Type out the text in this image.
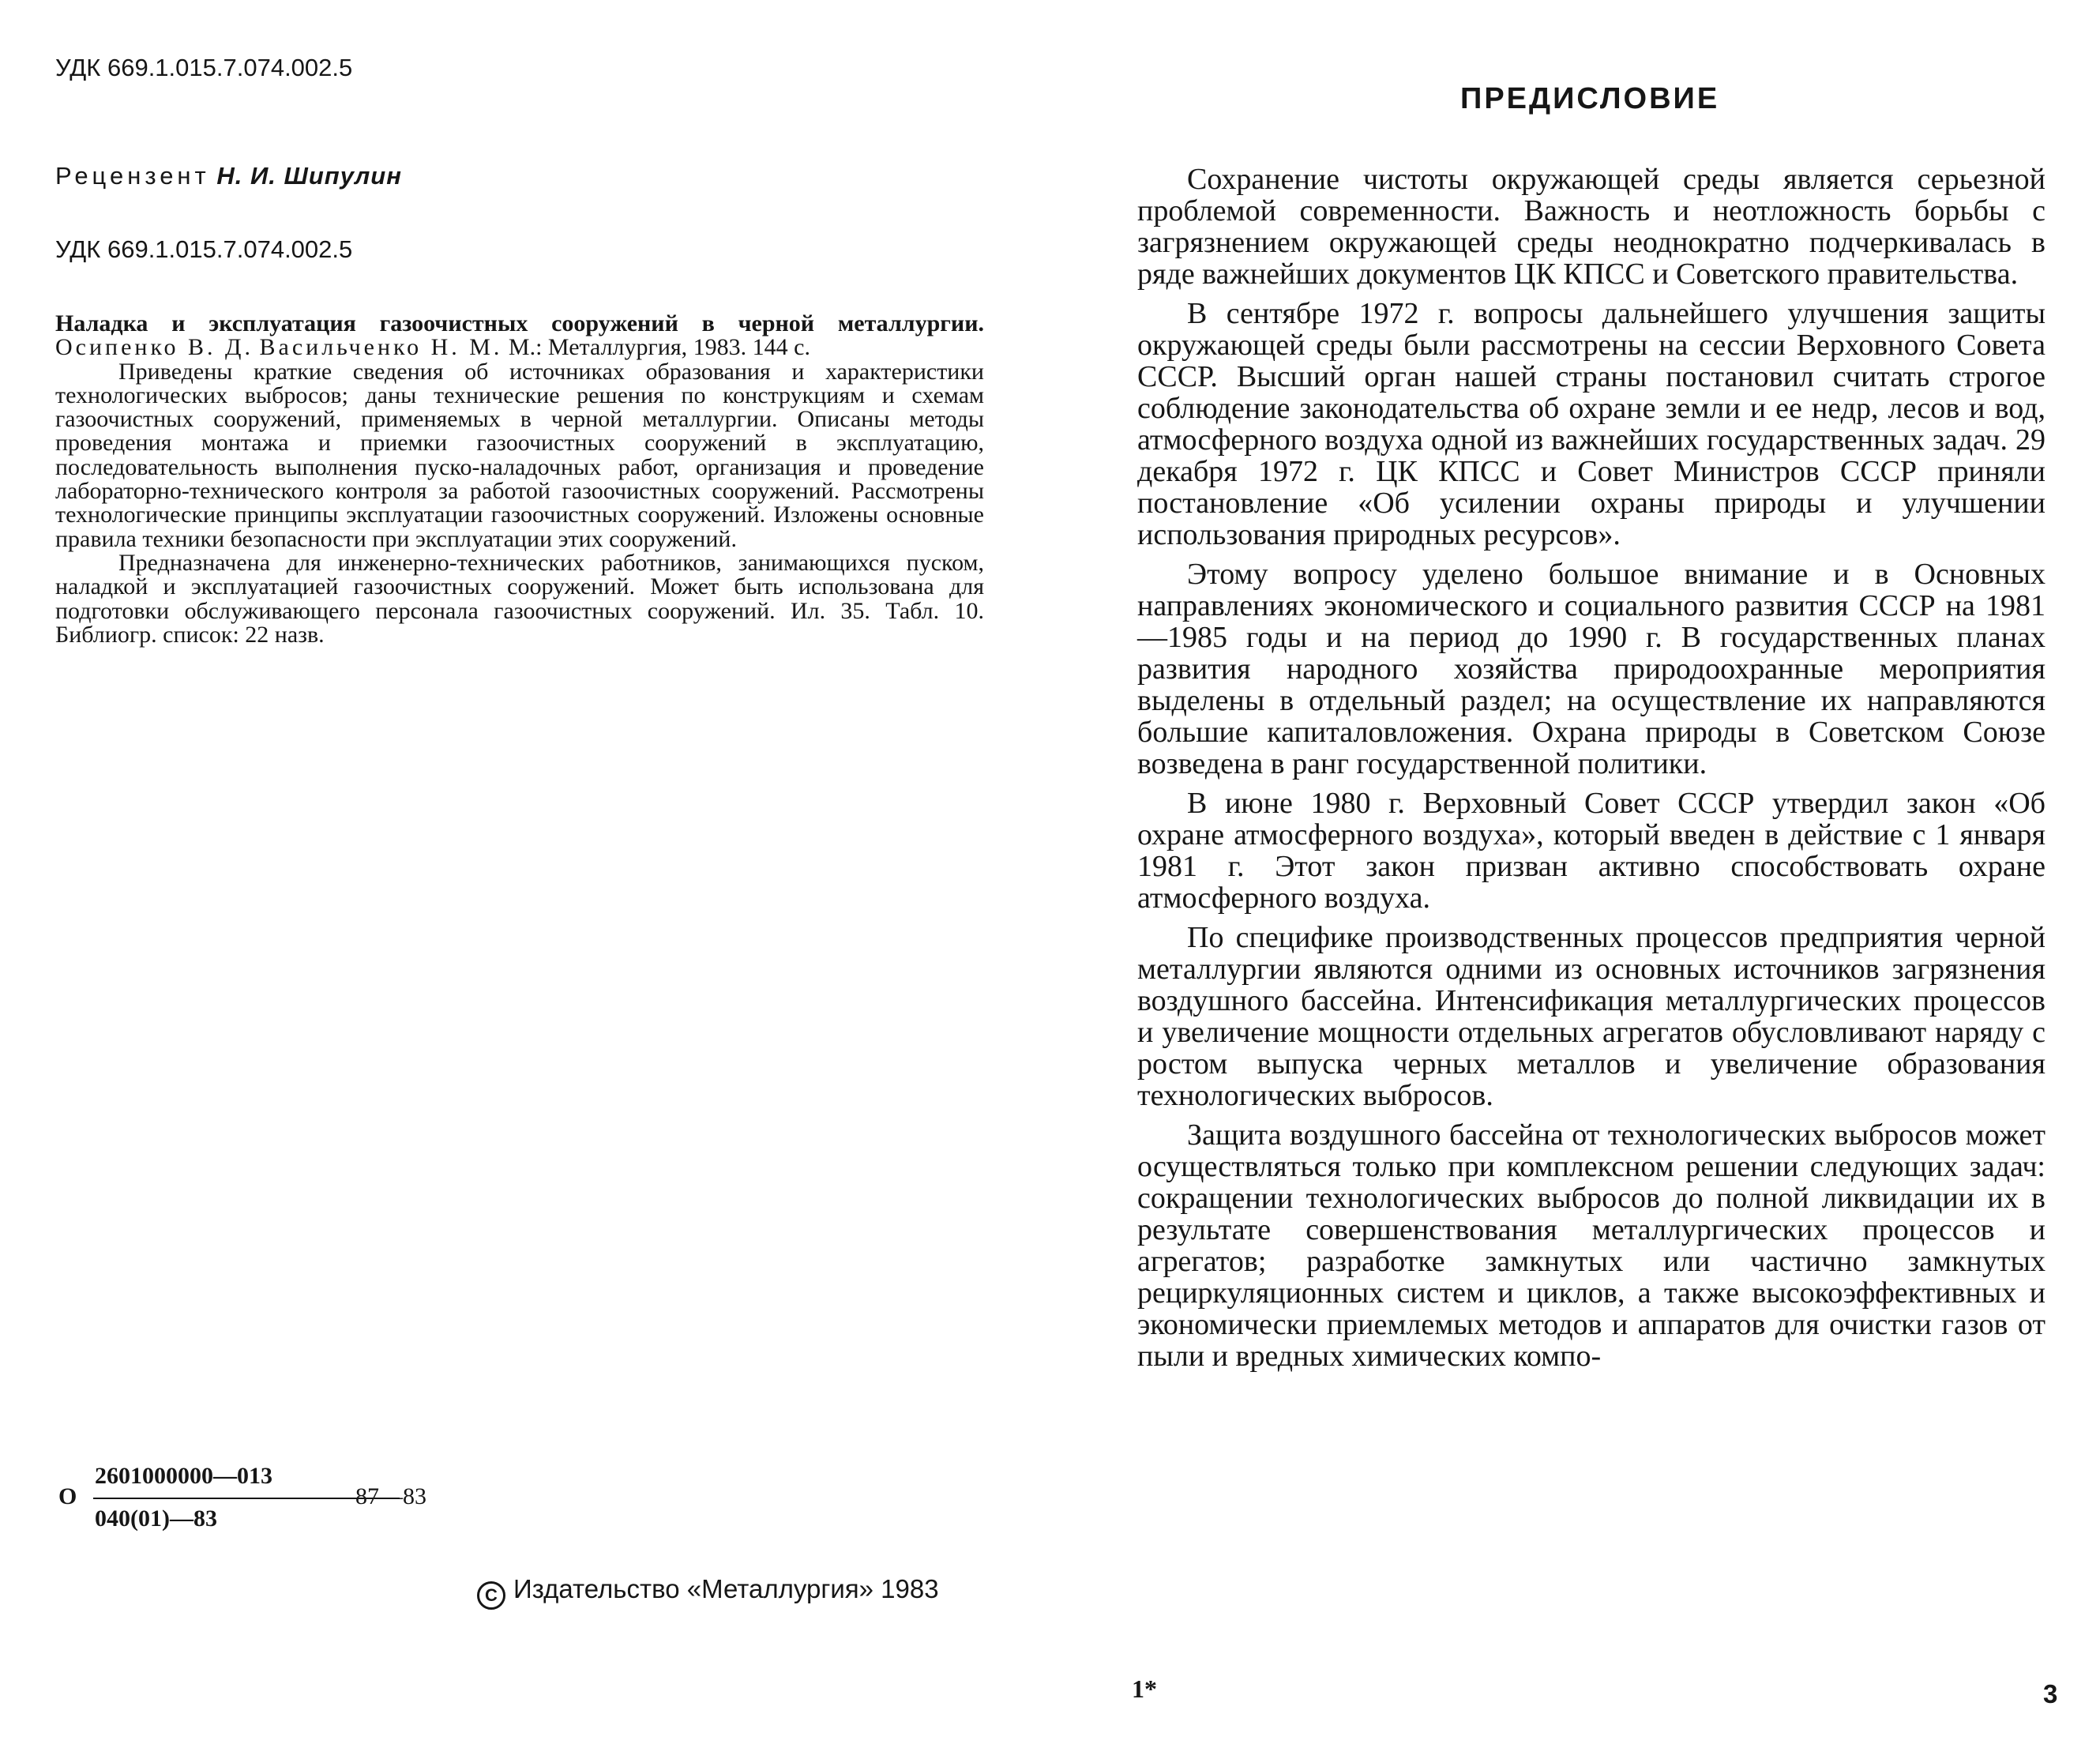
УДК 669.1.015.7.074.002.5
Рецензент Н. И. Шипулин
УДК 669.1.015.7.074.002.5

Наладка и эксплуатация газоочистных сооружений в черной металлургии. Осипенко В. Д. Васильченко Н. М. М.: Металлургия, 1983. 144 с.

Приведены краткие сведения об источниках образования и характеристики технологических выбросов; даны технические решения по конструкциям и схемам газоочистных сооружений, применяемых в черной металлургии. Описаны методы проведения монтажа и приемки газоочистных сооружений в эксплуатацию, последовательность выполнения пуско-наладочных работ, организация и проведение лабораторно-технического контроля за работой газоочистных сооружений. Рассмотрены технологические принципы эксплуатации газоочистных сооружений. Изложены основные правила техники безопасности при эксплуатации этих сооружений.

Предназначена для инженерно-технических работников, занимающихся пуском, наладкой и эксплуатацией газоочистных сооружений. Может быть использована для подготовки обслуживающего персонала газоочистных сооружений. Ил. 35. Табл. 10. Библиогр. список: 22 назв.

О
2601000000—013
040(01)—83
87—83
C Издательство «Металлургия» 1983
ПРЕДИСЛОВИЕ

Сохранение чистоты окружающей среды является серьезной проблемой современности. Важность и неотложность борьбы с загрязнением окружающей среды неоднократно подчеркивалась в ряде важнейших документов ЦК КПСС и Советского правительства.

В сентябре 1972 г. вопросы дальнейшего улучшения защиты окружающей среды были рассмотрены на сессии Верховного Совета СССР. Высший орган нашей страны постановил считать строгое соблюдение законодательства об охране земли и ее недр, лесов и вод, атмосферного воздуха одной из важнейших государственных задач. 29 декабря 1972 г. ЦК КПСС и Совет Министров СССР приняли постановление «Об усилении охраны природы и улучшении использования природных ресурсов».

Этому вопросу уделено большое внимание и в Основных направлениях экономического и социального развития СССР на 1981—1985 годы и на период до 1990 г. В государственных планах развития народного хозяйства природоохранные мероприятия выделены в отдельный раздел; на осуществление их направляются большие капиталовложения. Охрана природы в Советском Союзе возведена в ранг государственной политики.

В июне 1980 г. Верховный Совет СССР утвердил закон «Об охране атмосферного воздуха», который введен в действие с 1 января 1981 г. Этот закон призван активно способствовать охране атмосферного воздуха.

По специфике производственных процессов предприятия черной металлургии являются одними из основных источников загрязнения воздушного бассейна. Интенсификация металлургических процессов и увеличение мощности отдельных агрегатов обусловливают наряду с ростом выпуска черных металлов и увеличение образования технологических выбросов.

Защита воздушного бассейна от технологических выбросов может осуществляться только при комплексном решении следующих задач: сокращении технологических выбросов до полной ликвидации их в результате совершенствования металлургических процессов и агрегатов; разработке замкнутых или частично замкнутых рециркуляционных систем и циклов, а также высокоэффективных и экономически приемлемых методов и аппаратов для очистки газов от пыли и вредных химических компо-

1*	3
